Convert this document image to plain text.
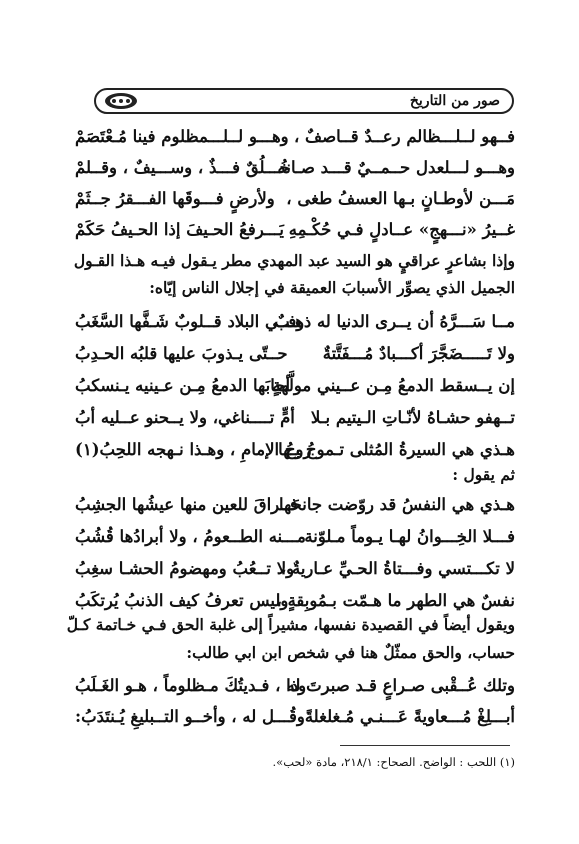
صور من التاريخ
فــهو لــلـــظالم رعــدٌ قــاصفٌ ،
وهـــو لــلـــمظلوم فينا مُـعْتَصَمْ
وهـــو لـــلعدل حــمــيٌ قـــد صـانه
خُـــلُقٌ فـــذٌ ، وســـيفٌ ، وقــلمْ
مَـــن لأوطـانٍ بـها العسفُ طغى ،
ولأرضٍ فـــوقَها الفـــقرُ جــثَمْ
غــيرُ «نـــهجٍ» عــادلٍ فـي حُكْـمِهِ
يَـــرفعُ الحـيفَ إذا الحـيفُ حَكَمْ
وإذا بشاعرٍ عراقيٍ هو السيد عبد المهدي مطر يـقول فيـه هـذا القـول
الجميل الذي يصوِّر الأسبابَ العميقة في إجلال الناس إيّاه:
مــا سَـــرَّهُ أن يــرى الدنيا له ذهـبٌ
وفــي البلاد قــلوبٌ شَـفَّها السَّغَبُ
ولا تَـــــضَجَّرَ أكـــبادٌ مُـــفَتَّتةٌ
حــتّى يـذوبَ عليها قلبُه الحـدِبُ
إن يــسقط الدمعُ مِـن عــيني مولَّهةٍ
أجابَها الدمعُ مِـن عـينيه يـنسكبُ
تــهفو حشـاهُ لأنّـاتِ الـيتيم بـلا
أمٍّ تــــناغي، ولا يــحنو عــليه أبُ
هـذي هي السيرةُ المُثلى تـموجُ بـها
روحُ الإمامِ ، وهـذا نـهجه اللحِبُ(١)
ثم يقول :
هـذي هي النفسُ قد روّضت جانحَها
فــراقَ للعين منها عيشُها الجشِبُ
فـــلا الخِـــوانُ لهـا يـوماً مـلوّنة
مـــنه الطــعومُ ، ولا أبرادُها قُشُبُ
لا تكـــتسي وفـــتاةُ الحـيِّ عـاريةٌ ،
ولا تــعُبُ ومهضومُ الحشـا سغِبُ
نفسٌ هي الطهر ما هـمّت بـمُوبِقةٍ ،
وليس تعرفُ كيف الذنبُ يُرتكَبُ
ويقول أيضاً في القصيدة نفسها، مشيراً إلى غلبة الحق فـي خـاتمة كـلّ
حساب، والحق ممثّلٌ هنا في شخص ابن ابي طالب:
وتلك عُــقْبى صـراعٍ قـد صبرتَ له
وذا ، فـديتُكَ مـظلوماً ، هـو الغَـلَبُ
أبـــلِغْ مُـــعاويةً عَـــنـي مُـغلغلةً
وقُـــل له ، وأخــو التــبليغِ يُـنتَدَبُ:
(١) اللحب : الواضح. الصحاح: ٢١٨/١، مادة «لحب».
